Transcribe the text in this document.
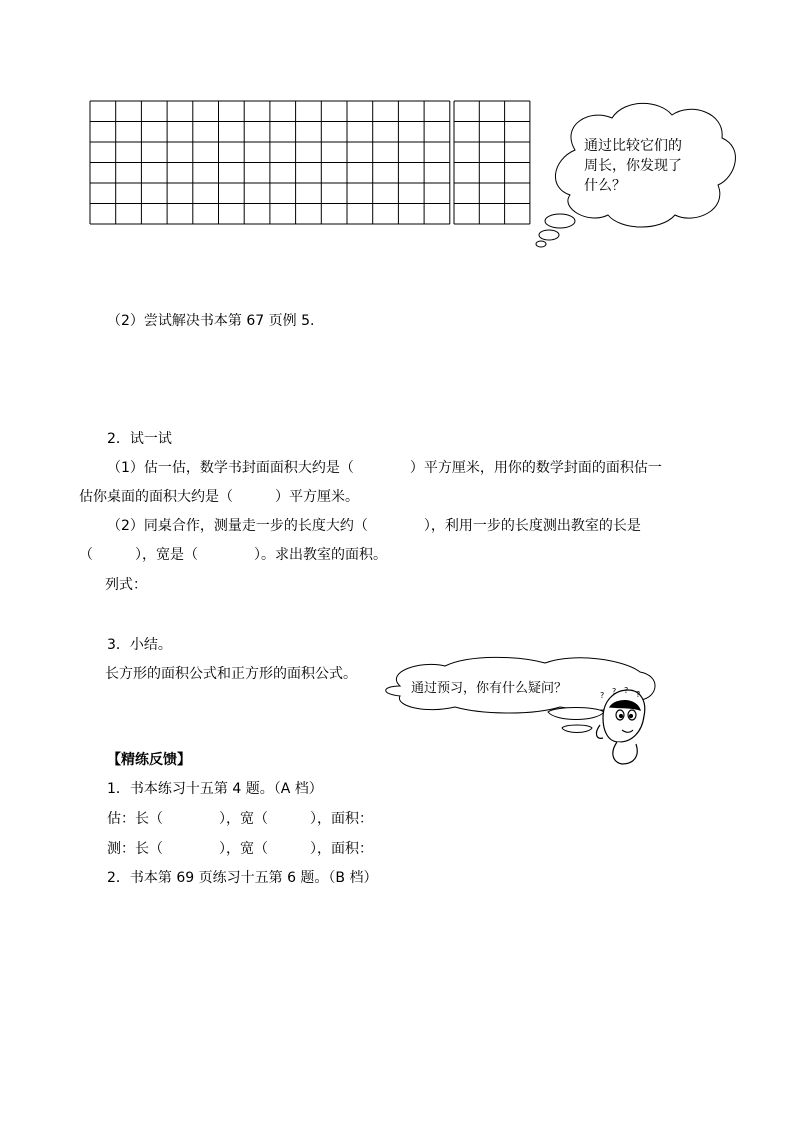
? ? ? ?
通过比较它们的
周长，你发现了
什么？
（2）尝试解决书本第 67 页例 5.
2．试一试
（1）估一估，数学书封面面积大约是（　　　　）平方厘米，用你的数学封面的面积估一
估你桌面的面积大约是（　　　）平方厘米。
（2）同桌合作，测量走一步的长度大约（　　　　），利用一步的长度测出教室的长是
（　　　），宽是（　　　　）。求出教室的面积。
列式：
3．小结。
长方形的面积公式和正方形的面积公式。
通过预习，你有什么疑问？
【精练反馈】
1．书本练习十五第 4 题。（A 档）
估：长（　　　　），宽（　　　），面积：
测：长（　　　　），宽（　　　），面积：
2．书本第 69 页练习十五第 6 题。（B 档）
